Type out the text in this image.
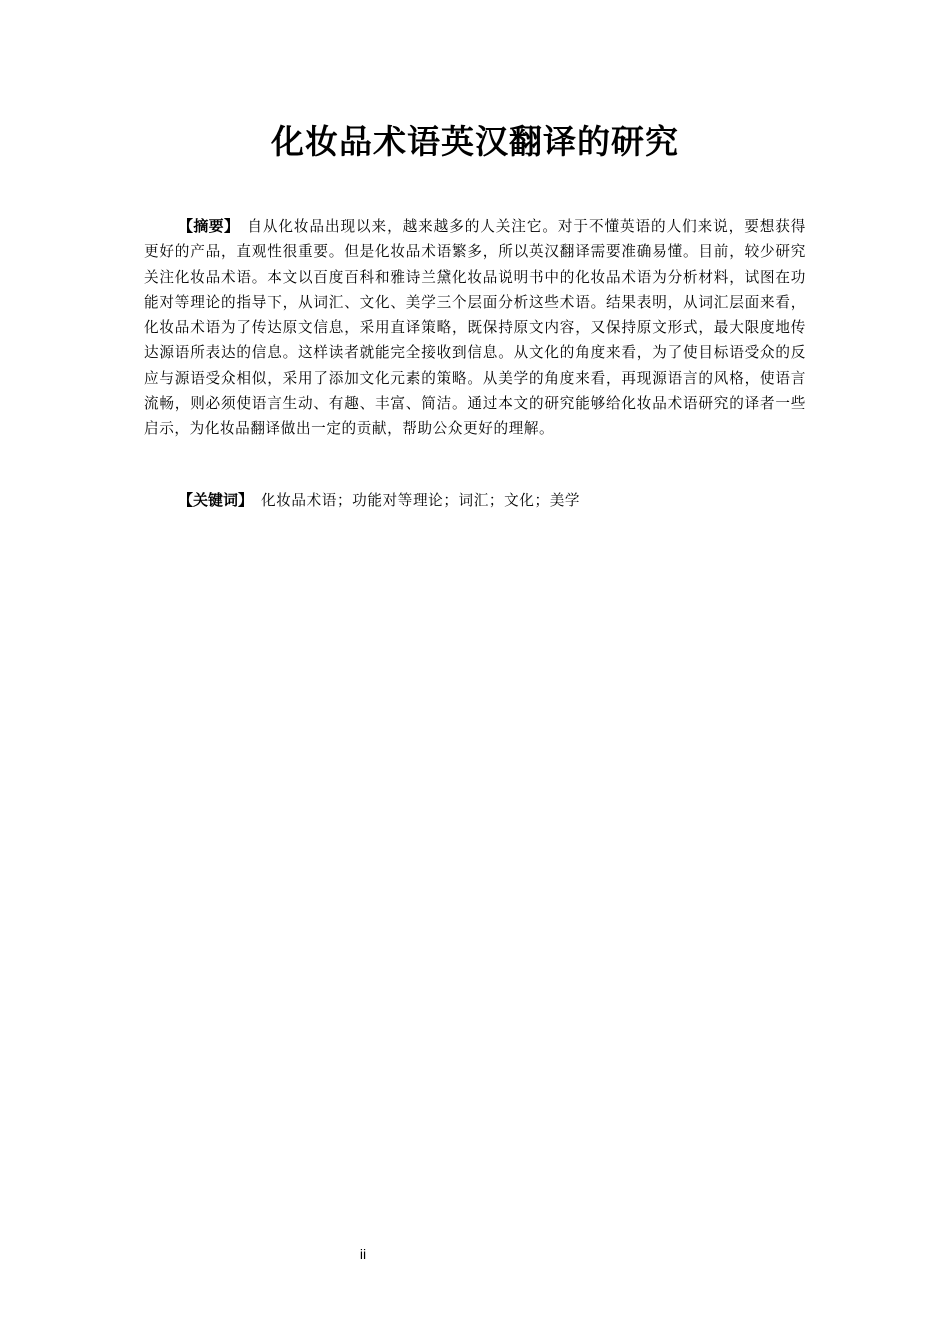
化妆品术语英汉翻译的研究

【摘要】 自从化妆品出现以来，越来越多的人关注它。对于不懂英语的人们来说，要想获得更好的产品，直观性很重要。但是化妆品术语繁多，所以英汉翻译需要准确易懂。目前，较少研究关注化妆品术语。本文以百度百科和雅诗兰黛化妆品说明书中的化妆品术语为分析材料，试图在功能对等理论的指导下，从词汇、文化、美学三个层面分析这些术语。结果表明，从词汇层面来看，化妆品术语为了传达原文信息，采用直译策略，既保持原文内容，又保持原文形式，最大限度地传达源语所表达的信息。这样读者就能完全接收到信息。从文化的角度来看，为了使目标语受众的反应与源语受众相似，采用了添加文化元素的策略。从美学的角度来看，再现源语言的风格，使语言流畅，则必须使语言生动、有趣、丰富、简洁。通过本文的研究能够给化妆品术语研究的译者一些启示，为化妆品翻译做出一定的贡献，帮助公众更好的理解。

【关键词】 化妆品术语；功能对等理论；词汇；文化；美学

ii
